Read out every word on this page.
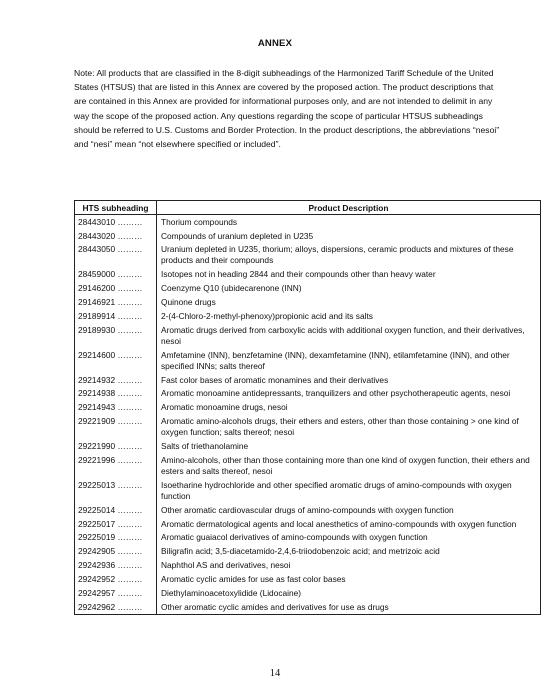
ANNEX

Note: All products that are classified in the 8-digit subheadings of the Harmonized Tariff Schedule of the United States (HTSUS) that are listed in this Annex are covered by the proposed action. The product descriptions that are contained in this Annex are provided for informational purposes only, and are not intended to delimit in any way the scope of the proposed action. Any questions regarding the scope of particular HTSUS subheadings should be referred to U.S. Customs and Border Protection. In the product descriptions, the abbreviations “nesoi” and “nesi” mean “not elsewhere specified or included”.

HTS subheading	Product Description
28443010 ………	Thorium compounds
28443020 ………	Compounds of uranium depleted in U235
28443050 ………	Uranium depleted in U235, thorium; alloys, dispersions, ceramic products and mixtures of these products and their compounds
28459000 ………	Isotopes not in heading 2844 and their compounds other than heavy water
29146200 ………	Coenzyme Q10 (ubidecarenone (INN)
29146921 ………	Quinone drugs
29189914 ………	2-(4-Chloro-2-methyl-phenoxy)propionic acid and its salts
29189930 ………	Aromatic drugs derived from carboxylic acids with additional oxygen function, and their derivatives, nesoi
29214600 ………	Amfetamine (INN), benzfetamine (INN), dexamfetamine (INN), etilamfetamine (INN), and other specified INNs; salts thereof
29214932 ………	Fast color bases of aromatic monamines and their derivatives
29214938 ………	Aromatic monoamine antidepressants, tranquilizers and other psychotherapeutic agents, nesoi
29214943 ………	Aromatic monoamine drugs, nesoi
29221909 ………	Aromatic amino-alcohols drugs, their ethers and esters, other than those containing > one kind of oxygen function; salts thereof; nesoi
29221990 ………	Salts of triethanolamine
29221996 ………	Amino-alcohols, other than those containing more than one kind of oxygen function, their ethers and esters and salts thereof, nesoi
29225013 ………	Isoetharine hydrochloride and other specified aromatic drugs of amino-compounds with oxygen function
29225014 ………	Other aromatic cardiovascular drugs of amino-compounds with oxygen function
29225017 ………	Aromatic dermatological agents and local anesthetics of amino-compounds with oxygen function
29225019 ………	Aromatic guaiacol derivatives of amino-compounds with oxygen function
29242905 ………	Biligrafin acid; 3,5-diacetamido-2,4,6-triiodobenzoic acid; and metrizoic acid
29242936 ………	Naphthol AS and derivatives, nesoi
29242952 ………	Aromatic cyclic amides for use as fast color bases
29242957 ………	Diethylaminoacetoxylidide (Lidocaine)
29242962 ………	Other aromatic cyclic amides and derivatives for use as drugs
14
